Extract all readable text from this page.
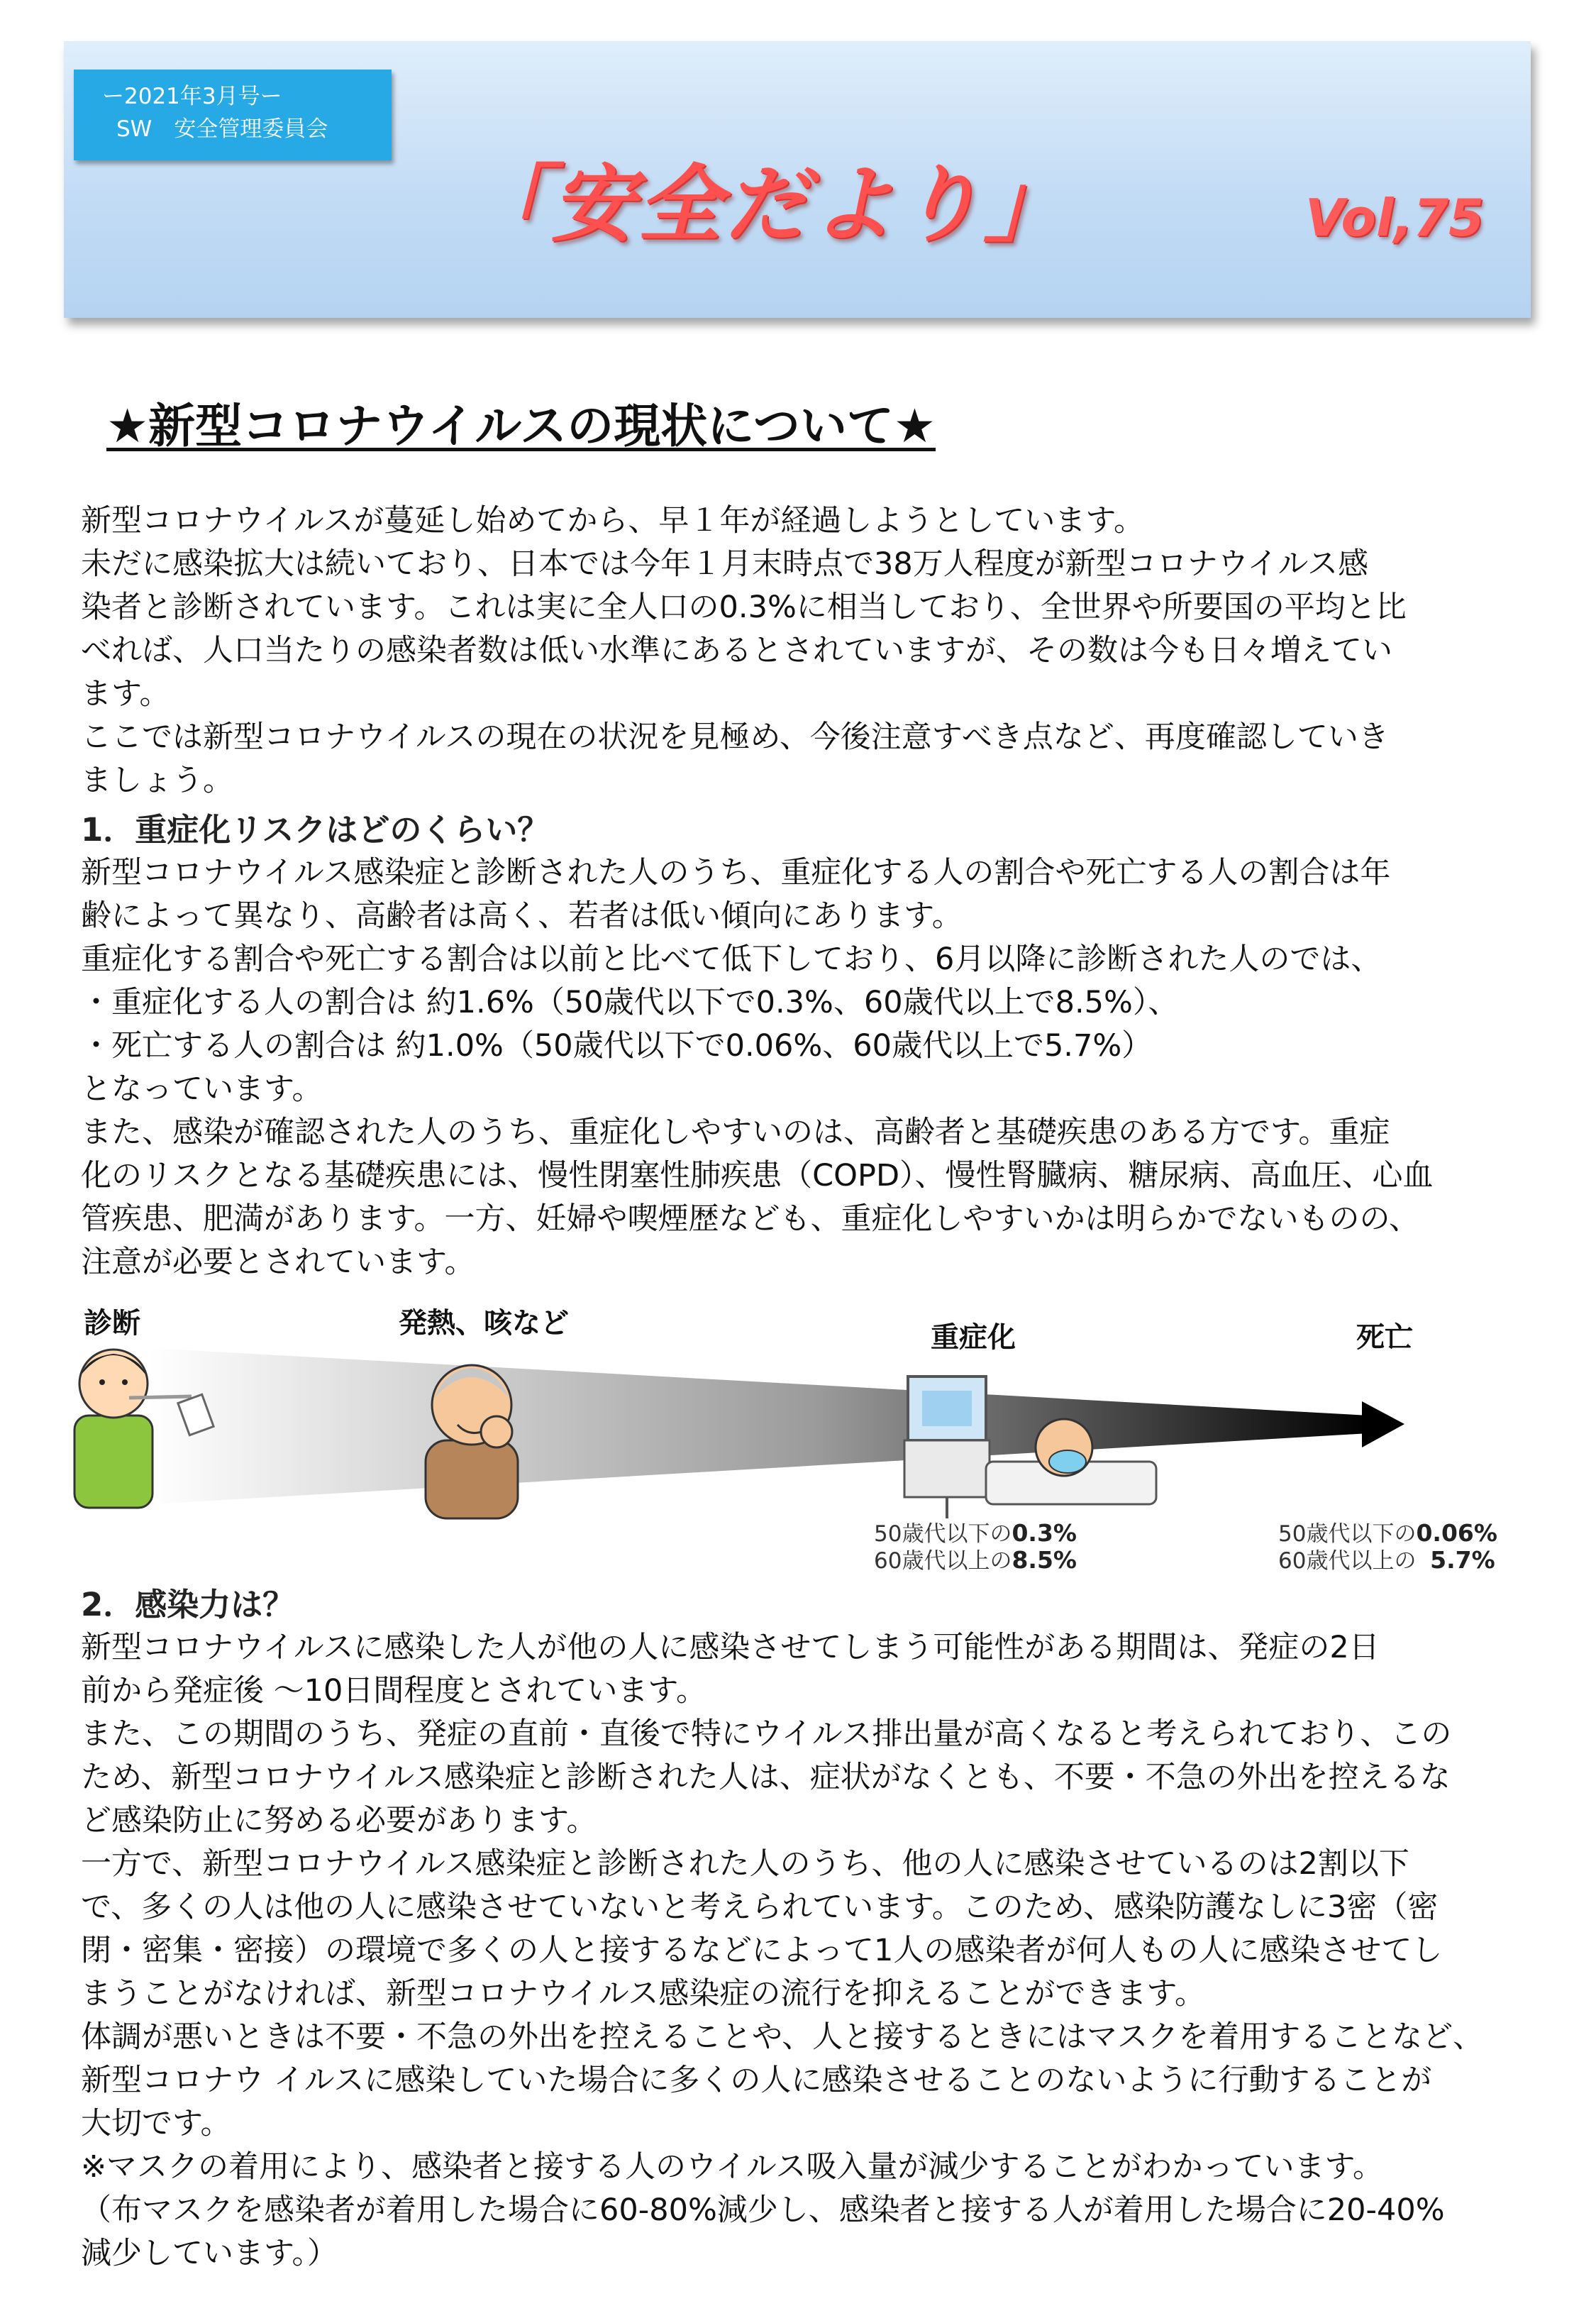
ー2021年3月号ー
SW　安全管理委員会
「安全だより」	Vol,75
★新型コロナウイルスの現状について★

新型コロナウイルスが蔓延し始めてから、早１年が経過しようとしています。
未だに感染拡大は続いており、日本では今年１月末時点で38万人程度が新型コロナウイルス感
染者と診断されています。これは実に全人口の0.3%に相当しており、全世界や所要国の平均と比
べれば、人口当たりの感染者数は低い水準にあるとされていますが、その数は今も日々増えてい
ます。
ここでは新型コロナウイルスの現在の状況を見極め、今後注意すべき点など、再度確認していき
ましょう。

1．重症化リスクはどのくらい？

新型コロナウイルス感染症と診断された人のうち、重症化する人の割合や死亡する人の割合は年
齢によって異なり、高齢者は高く、若者は低い傾向にあります。
重症化する割合や死亡する割合は以前と比べて低下しており、6月以降に診断された人のでは、
・重症化する人の割合は 約1.6%（50歳代以下で0.3%、60歳代以上で8.5%）、
・死亡する人の割合は 約1.0%（50歳代以下で0.06%、60歳代以上で5.7%）
となっています。
また、感染が確認された人のうち、重症化しやすいのは、高齢者と基礎疾患のある方です。重症
化のリスクとなる基礎疾患には、慢性閉塞性肺疾患（COPD）、慢性腎臓病、糖尿病、高血圧、心血
管疾患、肥満があります。一方、妊婦や喫煙歴なども、重症化しやすいかは明らかでないものの、
注意が必要とされています。

診断	発熱、咳など	重症化	死亡
50歳代以下の0.3%
60歳代以上の8.5%
50歳代以下の0.06%
60歳代以上の 5.7%
2．感染力は？

新型コロナウイルスに感染した人が他の人に感染させてしまう可能性がある期間は、発症の2日
前から発症後 ～10日間程度とされています。
また、この期間のうち、発症の直前・直後で特にウイルス排出量が高くなると考えられており、この
ため、新型コロナウイルス感染症と診断された人は、症状がなくとも、不要・不急の外出を控えるな
ど感染防止に努める必要があります。
一方で、新型コロナウイルス感染症と診断された人のうち、他の人に感染させているのは2割以下
で、多くの人は他の人に感染させていないと考えられています。このため、感染防護なしに3密（密
閉・密集・密接）の環境で多くの人と接するなどによって1人の感染者が何人もの人に感染させてし
まうことがなければ、新型コロナウイルス感染症の流行を抑えることができます。
体調が悪いときは不要・不急の外出を控えることや、人と接するときにはマスクを着用することなど、
新型コロナウ イルスに感染していた場合に多くの人に感染させることのないように行動することが
大切です。
※マスクの着用により、感染者と接する人のウイルス吸入量が減少することがわかっています。
（布マスクを感染者が着用した場合に60-80%減少し、感染者と接する人が着用した場合に20-40%
減少しています。）
